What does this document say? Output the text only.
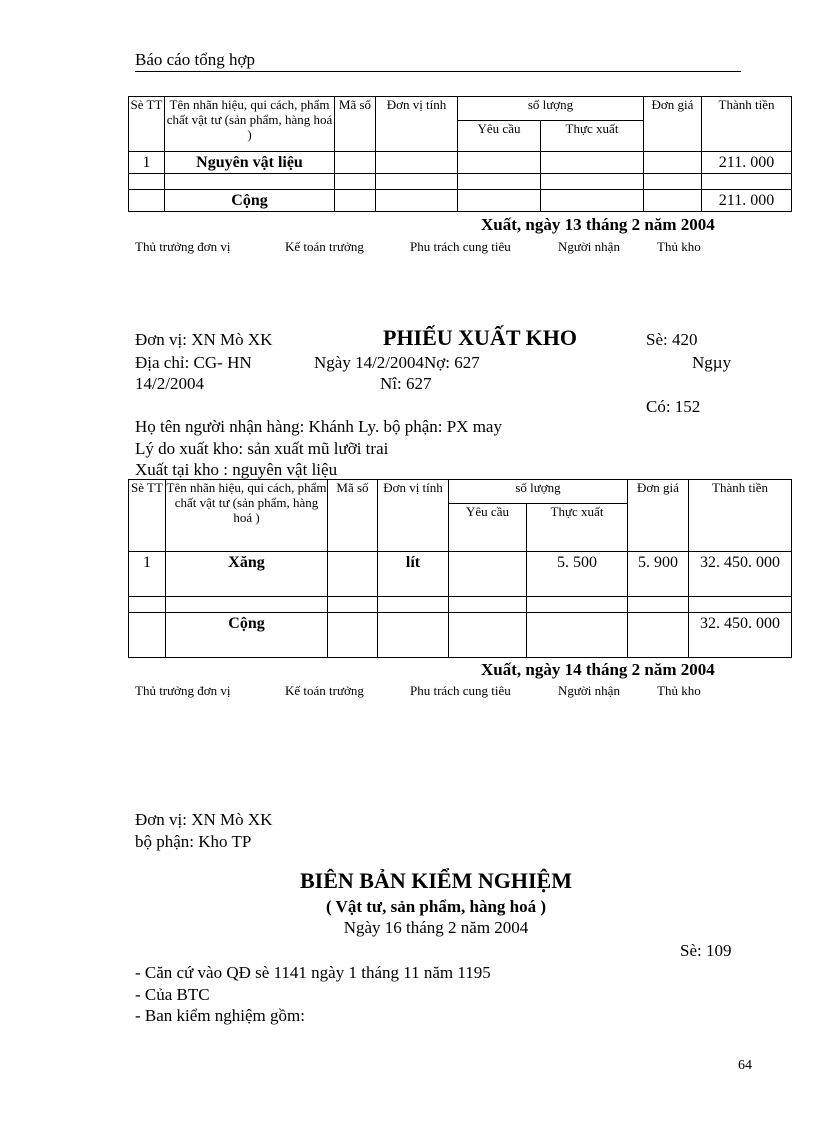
Báo cáo tổng hợp
Sè TT	Tên nhãn hiệu, qui cách, phẩm chất vật tư (sản phẩm, hàng hoá )	Mã số	Đơn vị tính	số lượng		Đơn giá	Thành tiền
				Yêu cầu	Thực xuất		
1	Nguyên vật liệu						211. 000

	Cộng						211. 000
Xuất, ngày 13 tháng 2 năm 2004
Thủ trưởng đơn vị	Kế toán trưởng	Phu trách cung tiêu	Người nhận	Thủ kho
Đơn vị: XN Mò XK	PHIẾU XUẤT KHO	Sè: 420
Địa chỉ: CG- HN	Ngày 14/2/2004Nợ: 627	Ngµy
14/2/2004	Nî: 627
Có: 152
Họ tên người nhận hàng: Khánh Ly. bộ phận: PX may
Lý do xuất kho: sản xuất mũ lưỡi trai
Xuất tại kho : nguyên vật liệu
Sè TT	Tên nhãn hiệu, qui cách, phẩm chất vật tư (sản phẩm, hàng hoá )	Mã số	Đơn vị tính	số lượng		Đơn giá	Thành tiền
				Yêu cầu	Thực xuất		
1	Xăng		lít		5. 500	5. 900	32. 450. 000

	Cộng						32. 450. 000
Xuất, ngày 14 tháng 2 năm 2004
Thủ trưởng đơn vị	Kế toán trưởng	Phu trách cung tiêu	Người nhận	Thủ kho
Đơn vị: XN Mò XK
bộ phận: Kho TP
BIÊN BẢN KIỂM NGHIỆM
( Vật tư, sản phẩm, hàng hoá )
Ngày 16 tháng 2 năm 2004
Sè: 109
- Căn cứ vào QĐ sè 1141 ngày 1 tháng 11 năm 1195
- Của BTC
- Ban kiểm nghiệm gồm:
64
